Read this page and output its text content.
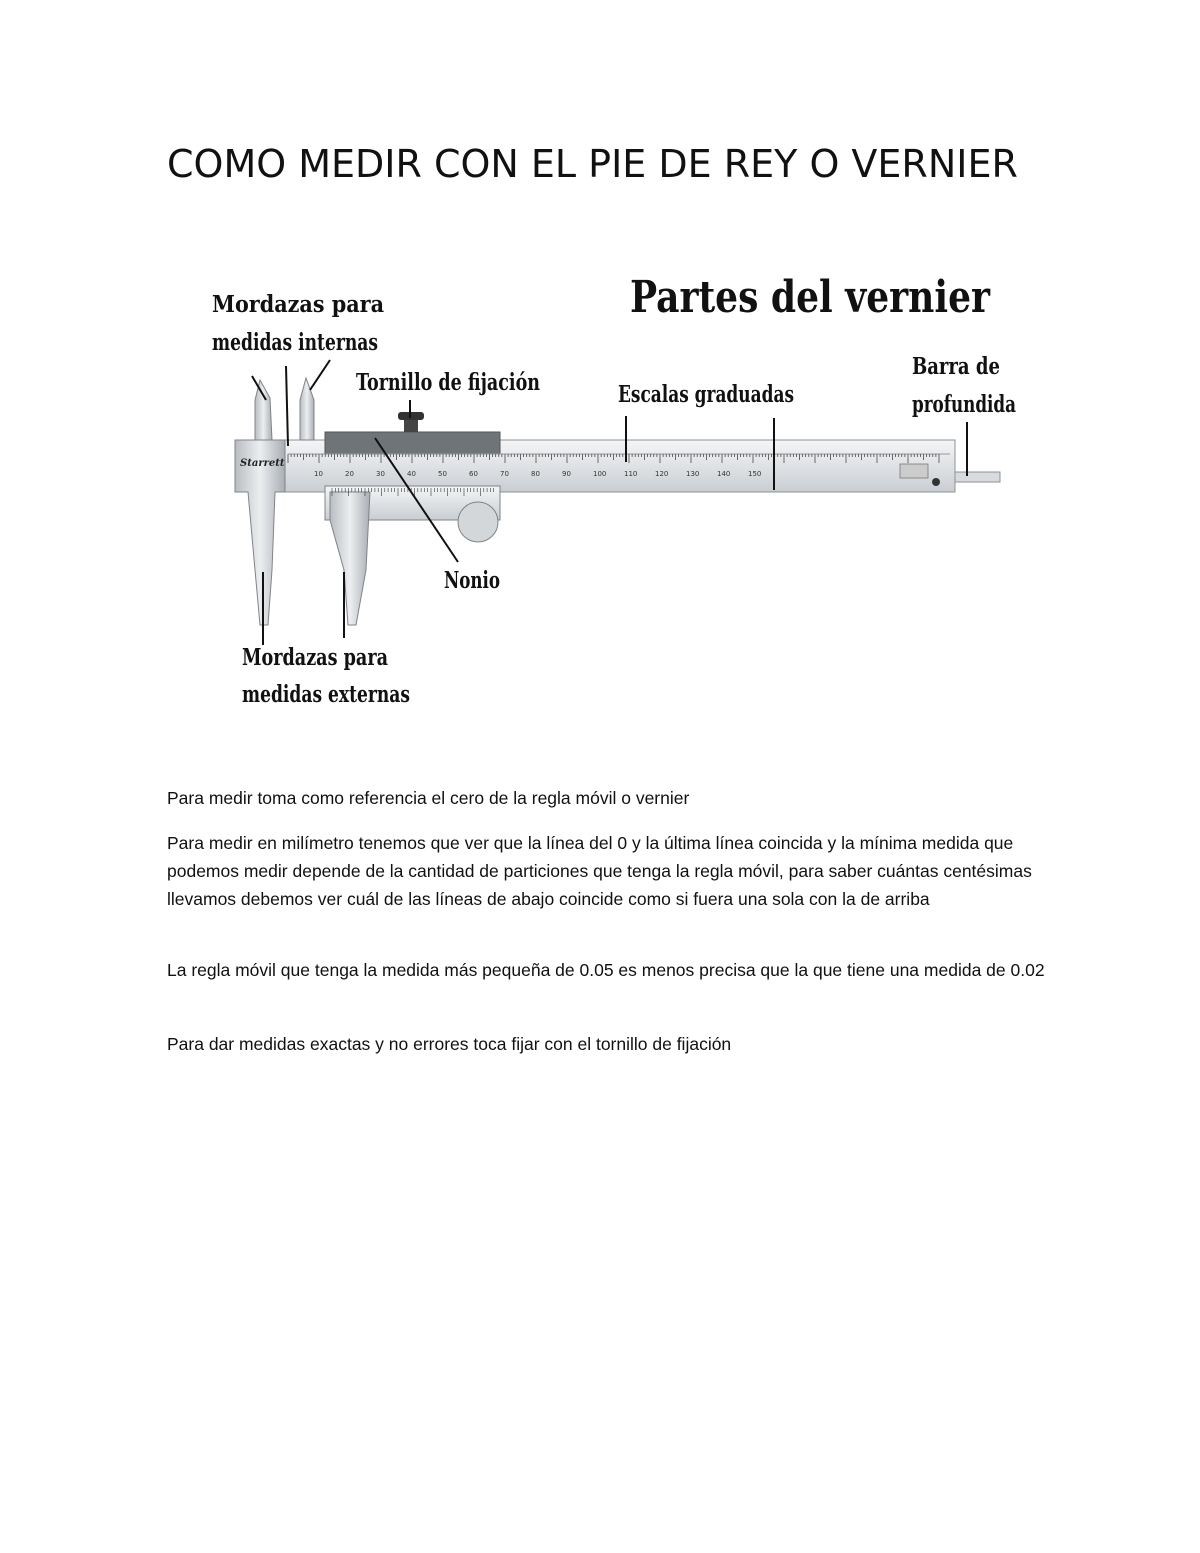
COMO MEDIR CON EL PIE DE REY O VERNIER
Partes del vernier
Starrett
10	20	30	40	50	60	70	80	90	100	110	120	130	140	150
Mordazas para
medidas internas
Tornillo de fijación	Escalas graduadas
Barra de
profundida
Nonio
Mordazas para
medidas externas

Para medir toma como referencia el cero de la regla móvil o vernier

Para medir en milímetro tenemos que ver que la línea del 0 y la última línea coincida y la mínima medida que podemos medir depende de la cantidad de particiones que tenga la regla móvil, para saber cuántas centésimas llevamos debemos ver cuál de las líneas de abajo coincide como si fuera una sola con la de arriba

La regla móvil que tenga la medida más pequeña de 0.05 es menos precisa que la que tiene una medida de 0.02

Para dar medidas exactas y no errores toca fijar con el tornillo de fijación
